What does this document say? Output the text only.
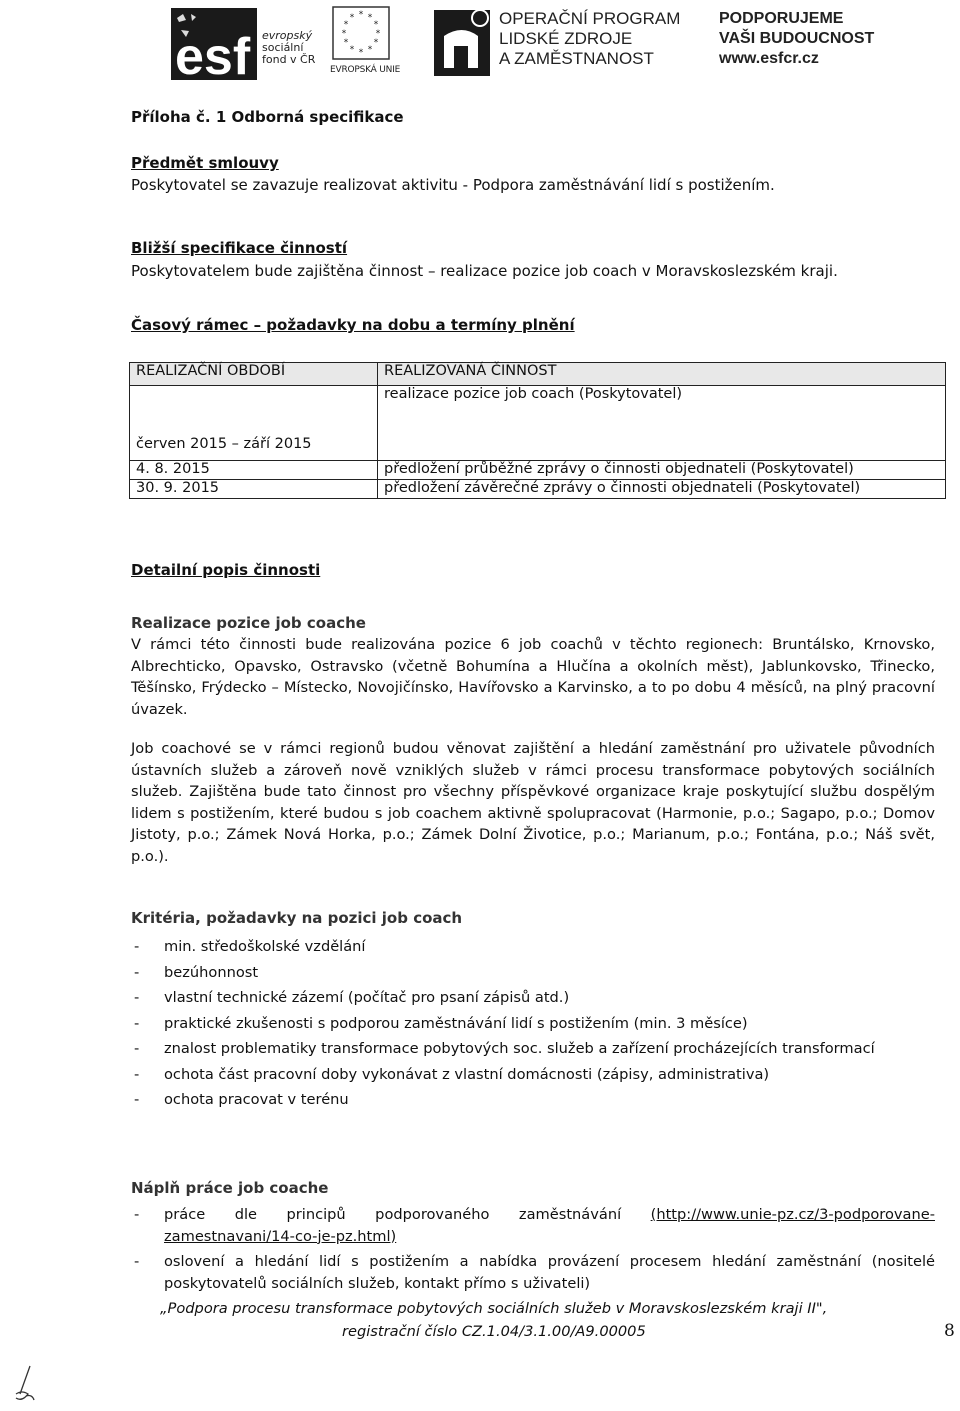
esf evropský
sociální
fond v ČR
* *
*
*
*
*
*
*
*
*
*
*
EVROPSKÁ UNIE
OPERAČNÍ PROGRAM
LIDSKÉ ZDROJE
A ZAMĚSTNANOST
PODPORUJEME
VAŠI BUDOUCNOST
www.esfcr.cz
Příloha č. 1 Odborná specifikace
Předmět smlouvy
Poskytovatel se zavazuje realizovat aktivitu - Podpora zaměstnávání lidí s postižením.
Bližší specifikace činností
Poskytovatelem bude zajištěna činnost – realizace pozice job coach v Moravskoslezském kraji.
Časový rámec – požadavky na dobu a termíny plnění
REALIZAČNÍ OBDOBÍ	REALIZOVANÁ ČINNOST
červen 2015 – září 2015	realizace pozice job coach (Poskytovatel)
4. 8. 2015	předložení průběžné zprávy o činnosti objednateli (Poskytovatel)
30. 9. 2015	předložení závěrečné zprávy o činnosti objednateli (Poskytovatel)
Detailní popis činnosti
Realizace pozice job coache
V rámci této činnosti bude realizována pozice 6 job coachů v těchto regionech: Bruntálsko, Krnovsko, Albrechticko, Opavsko, Ostravsko (včetně Bohumína a Hlučína a okolních měst), Jablunkovsko, Třinecko, Těšínsko, Frýdecko – Místecko, Novojičínsko, Havířovsko a Karvinsko, a to po dobu 4 měsíců, na plný pracovní úvazek.
Job coachové se v rámci regionů budou věnovat zajištění a hledání zaměstnání pro uživatele původních ústavních služeb a zároveň nově vzniklých služeb v rámci procesu transformace pobytových sociálních služeb. Zajištěna bude tato činnost pro všechny příspěvkové organizace kraje poskytující službu dospělým lidem s postižením, které budou s job coachem aktivně spolupracovat (Harmonie, p.o.; Sagapo, p.o.; Domov Jistoty, p.o.; Zámek Nová Horka, p.o.; Zámek Dolní Životice, p.o.; Marianum, p.o.; Fontána, p.o.; Náš svět, p.o.).
Kritéria, požadavky na pozici job coach
- min. středoškolské vzdělání
- bezúhonnost
- vlastní technické zázemí (počítač pro psaní zápisů atd.)
- praktické zkušenosti s podporou zaměstnávání lidí s postižením (min. 3 měsíce)
- znalost problematiky transformace pobytových soc. služeb a zařízení procházejících transformací
- ochota část pracovní doby vykonávat z vlastní domácnosti (zápisy, administrativa)
- ochota pracovat v terénu
Náplň práce job coache
- práce dle principů podporovaného zaměstnávání (http://www.unie-pz.cz/3-podporovane-zamestnavani/14-co-je-pz.html)
- oslovení a hledání lidí s postižením a nabídka provázení procesem hledání zaměstnání (nositelé poskytovatelů sociálních služeb, kontakt přímo s uživateli)
„Podpora procesu transformace pobytových sociálních služeb v Moravskoslezském kraji II",
registrační číslo CZ.1.04/3.1.00/A9.00005	8
